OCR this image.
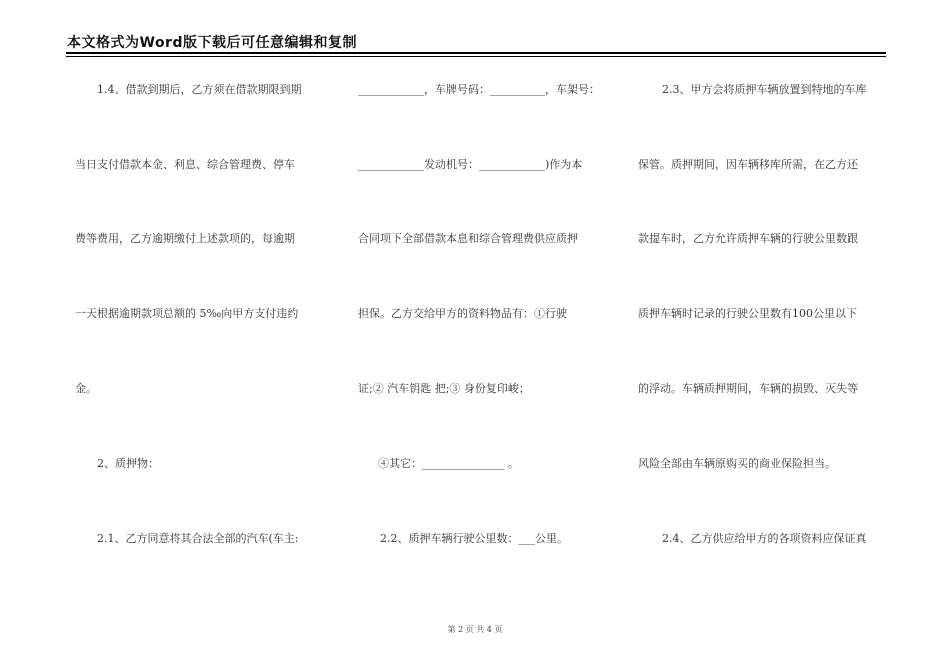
本文格式为Word版下载后可任意编辑和复制
1.4、借款到期后，乙方须在借款期限到期
当日支付借款本金、利息、综合管理费、停车
费等费用，乙方逾期缴付上述款项的，每逾期
一天根据逾期款项总额的 5‰向甲方支付违约
金。
2、质押物：
2.1、乙方同意将其合法全部的汽车(车主:
____________，车牌号码：__________，车架号：
____________发动机号：____________)作为本
合同项下全部借款本息和综合管理费供应质押
担保。乙方交给甲方的资料物品有：①行驶
证;② 汽车钥匙 把;③ 身份复印峻；
④其它：_______________ 。
2.2、质押车辆行驶公里数：___公里。
2.3、甲方会将质押车辆放置到特地的车库
保管。质押期间，因车辆移库所需，在乙方还
款提车时，乙方允许质押车辆的行驶公里数跟
质押车辆时记录的行驶公里数有100公里以下
的浮动。车辆质押期间，车辆的损毁、灭失等
风险全部由车辆原购买的商业保险担当。
2.4、乙方供应给甲方的各项资料应保证真
第 2 页 共 4 页
